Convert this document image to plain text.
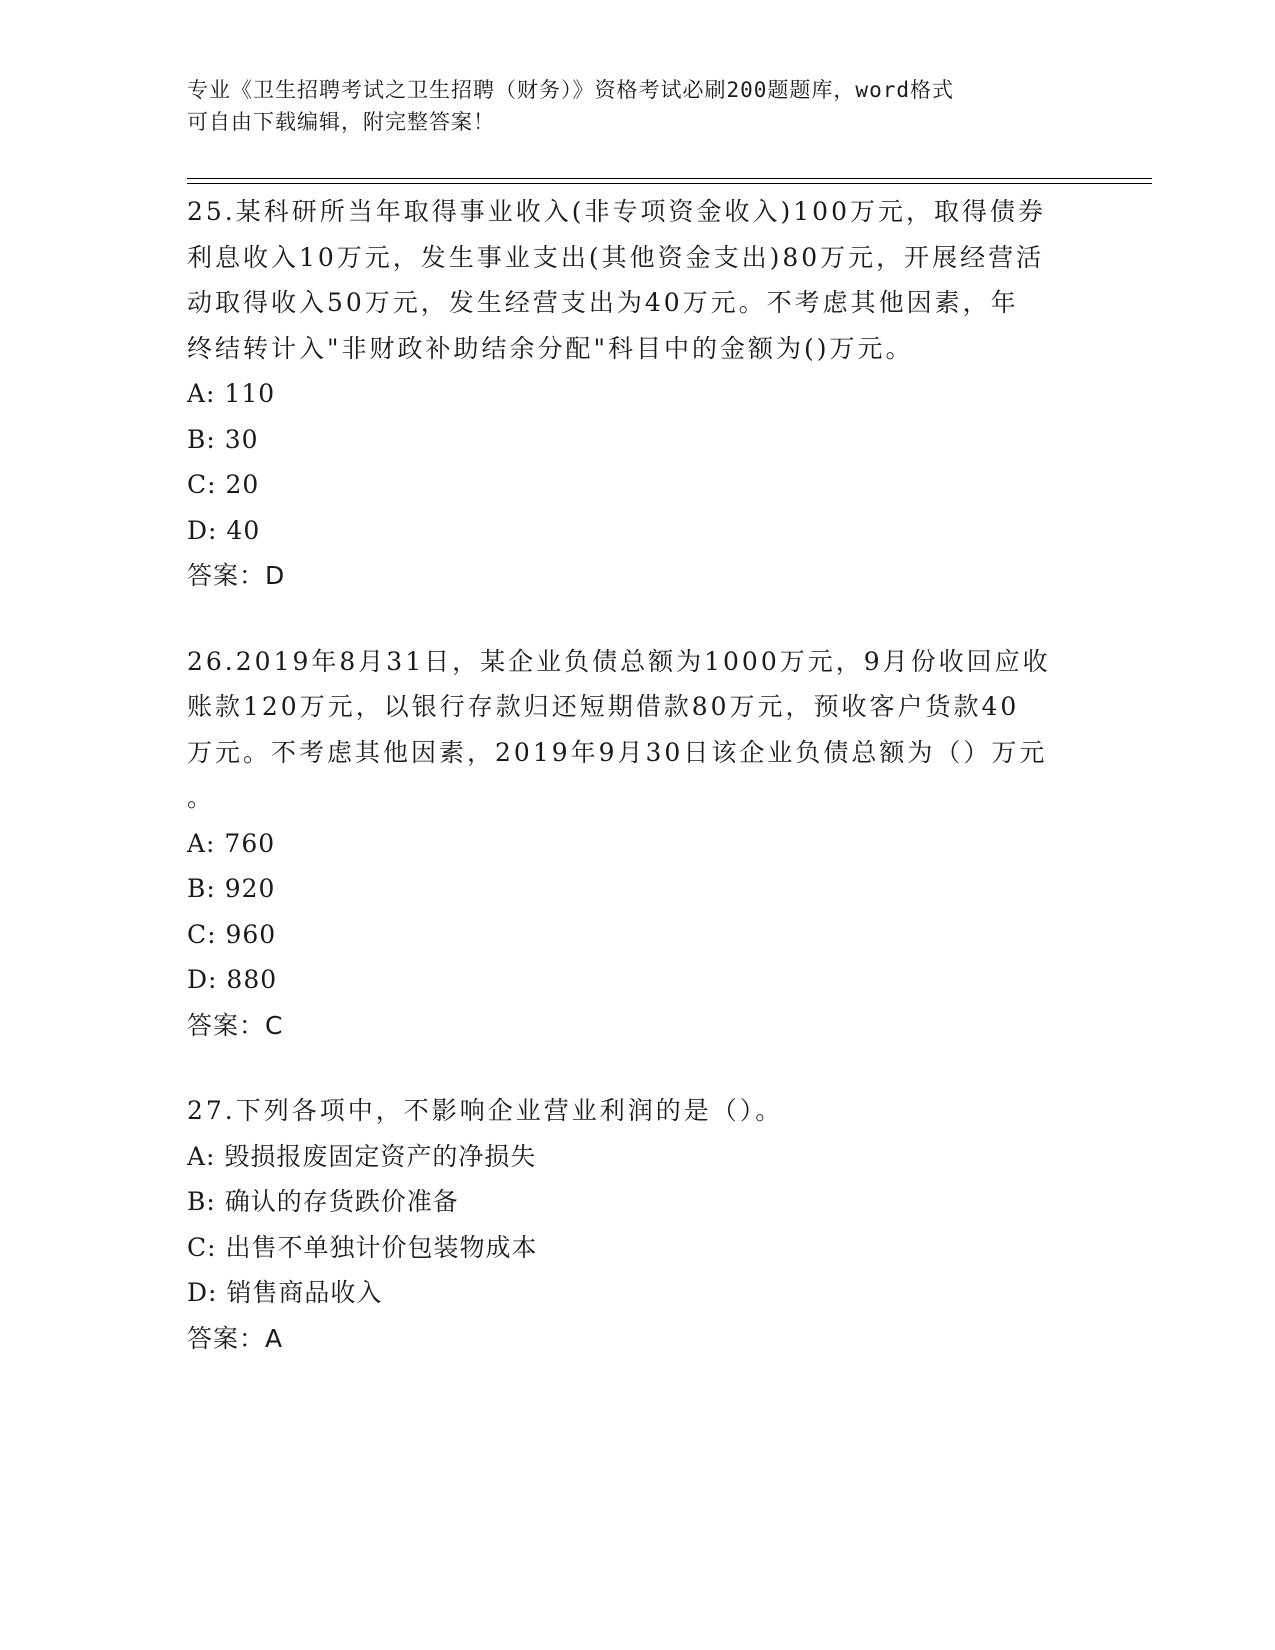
专业《卫生招聘考试之卫生招聘（财务）》资格考试必刷200题题库，word格式

可自由下载编辑，附完整答案！

25.某科研所当年取得事业收入(非专项资金收入)100万元，取得债券

利息收入10万元，发生事业支出(其他资金支出)80万元，开展经营活

动取得收入50万元，发生经营支出为40万元。不考虑其他因素，年

终结转计入"非财政补助结余分配"科目中的金额为()万元。

A: 110

B: 30

C: 20

D: 40

答案：D

26.2019年8月31日，某企业负债总额为1000万元，9月份收回应收

账款120万元，以银行存款归还短期借款80万元，预收客户货款40

万元。不考虑其他因素，2019年9月30日该企业负债总额为（）万元

。

A: 760

B: 920

C: 960

D: 880

答案：C

27.下列各项中，不影响企业营业利润的是（）。

A: 毁损报废固定资产的净损失

B: 确认的存货跌价准备

C: 出售不单独计价包装物成本

D: 销售商品收入

答案：A
